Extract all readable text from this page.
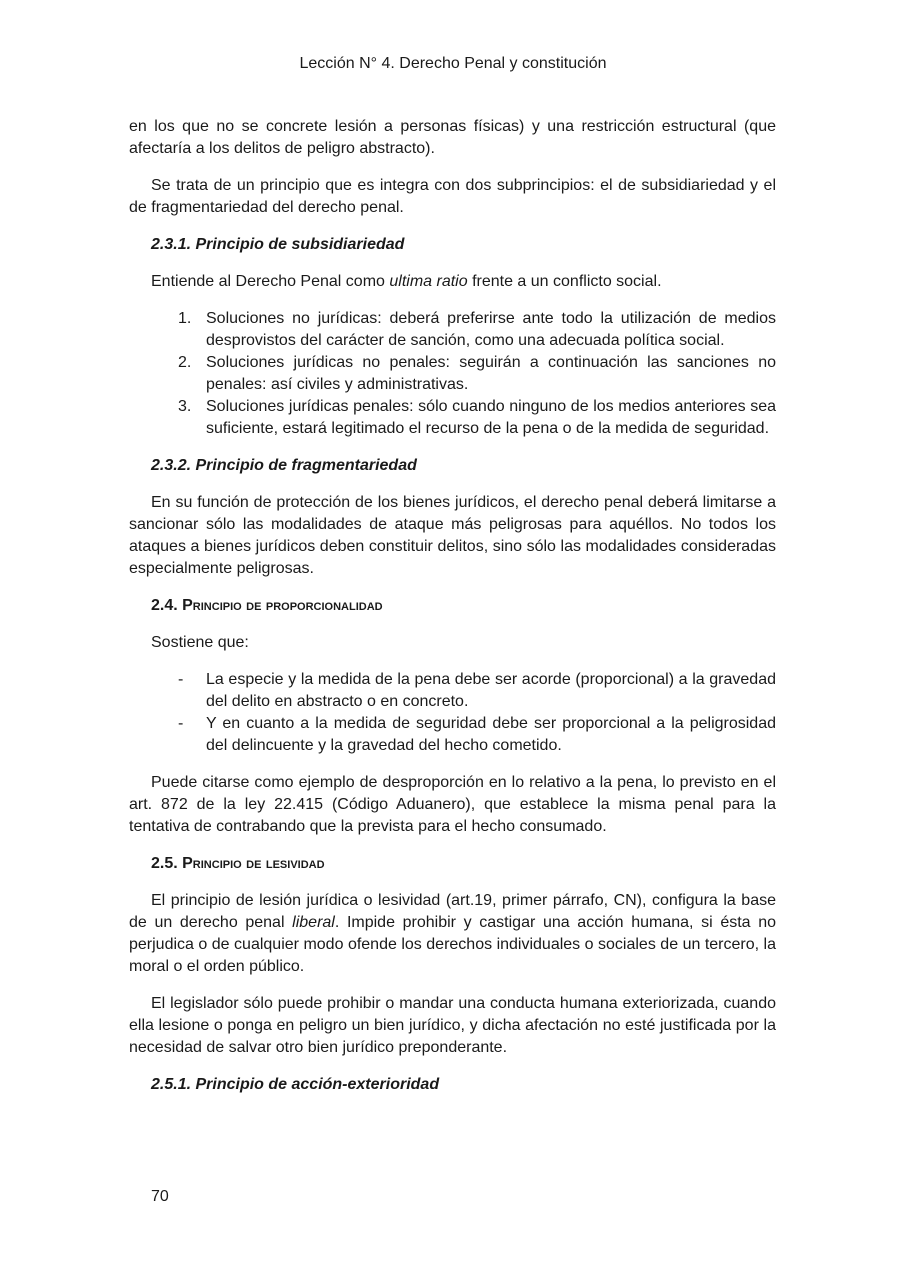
Lección N° 4. Derecho Penal y constitución

en los que no se concrete lesión a personas físicas) y una restricción estructural (que afectaría a los delitos de peligro abstracto).

Se trata de un principio que es integra con dos subprincipios: el de subsidiariedad y el de fragmentariedad del derecho penal.

2.3.1. Principio de subsidiariedad

Entiende al Derecho Penal como ultima ratio frente a un conflicto social.

1. Soluciones no jurídicas: deberá preferirse ante todo la utilización de medios desprovistos del carácter de sanción, como una adecuada política social.
2. Soluciones jurídicas no penales: seguirán a continuación las sanciones no penales: así civiles y administrativas.
3. Soluciones jurídicas penales: sólo cuando ninguno de los medios anteriores sea suficiente, estará legitimado el recurso de la pena o de la medida de seguridad.

2.3.2. Principio de fragmentariedad

En su función de protección de los bienes jurídicos, el derecho penal deberá limitarse a sancionar sólo las modalidades de ataque más peligrosas para aquéllos. No todos los ataques a bienes jurídicos deben constituir delitos, sino sólo las modalidades consideradas especialmente peligrosas.

2.4. Principio de proporcionalidad

Sostiene que:

- La especie y la medida de la pena debe ser acorde (proporcional) a la gravedad del delito en abstracto o en concreto.
- Y en cuanto a la medida de seguridad debe ser proporcional a la peligrosidad del delincuente y la gravedad del hecho cometido.

Puede citarse como ejemplo de desproporción en lo relativo a la pena, lo previsto en el art. 872 de la ley 22.415 (Código Aduanero), que establece la misma penal para la tentativa de contrabando que la prevista para el hecho consumado.

2.5. Principio de lesividad

El principio de lesión jurídica o lesividad (art.19, primer párrafo, CN), configura la base de un derecho penal liberal. Impide prohibir y castigar una acción humana, si ésta no perjudica o de cualquier modo ofende los derechos individuales o sociales de un tercero, la moral o el orden público.

El legislador sólo puede prohibir o mandar una conducta humana exteriorizada, cuando ella lesione o ponga en peligro un bien jurídico, y dicha afectación no esté justificada por la necesidad de salvar otro bien jurídico preponderante.

2.5.1. Principio de acción-exterioridad

70
